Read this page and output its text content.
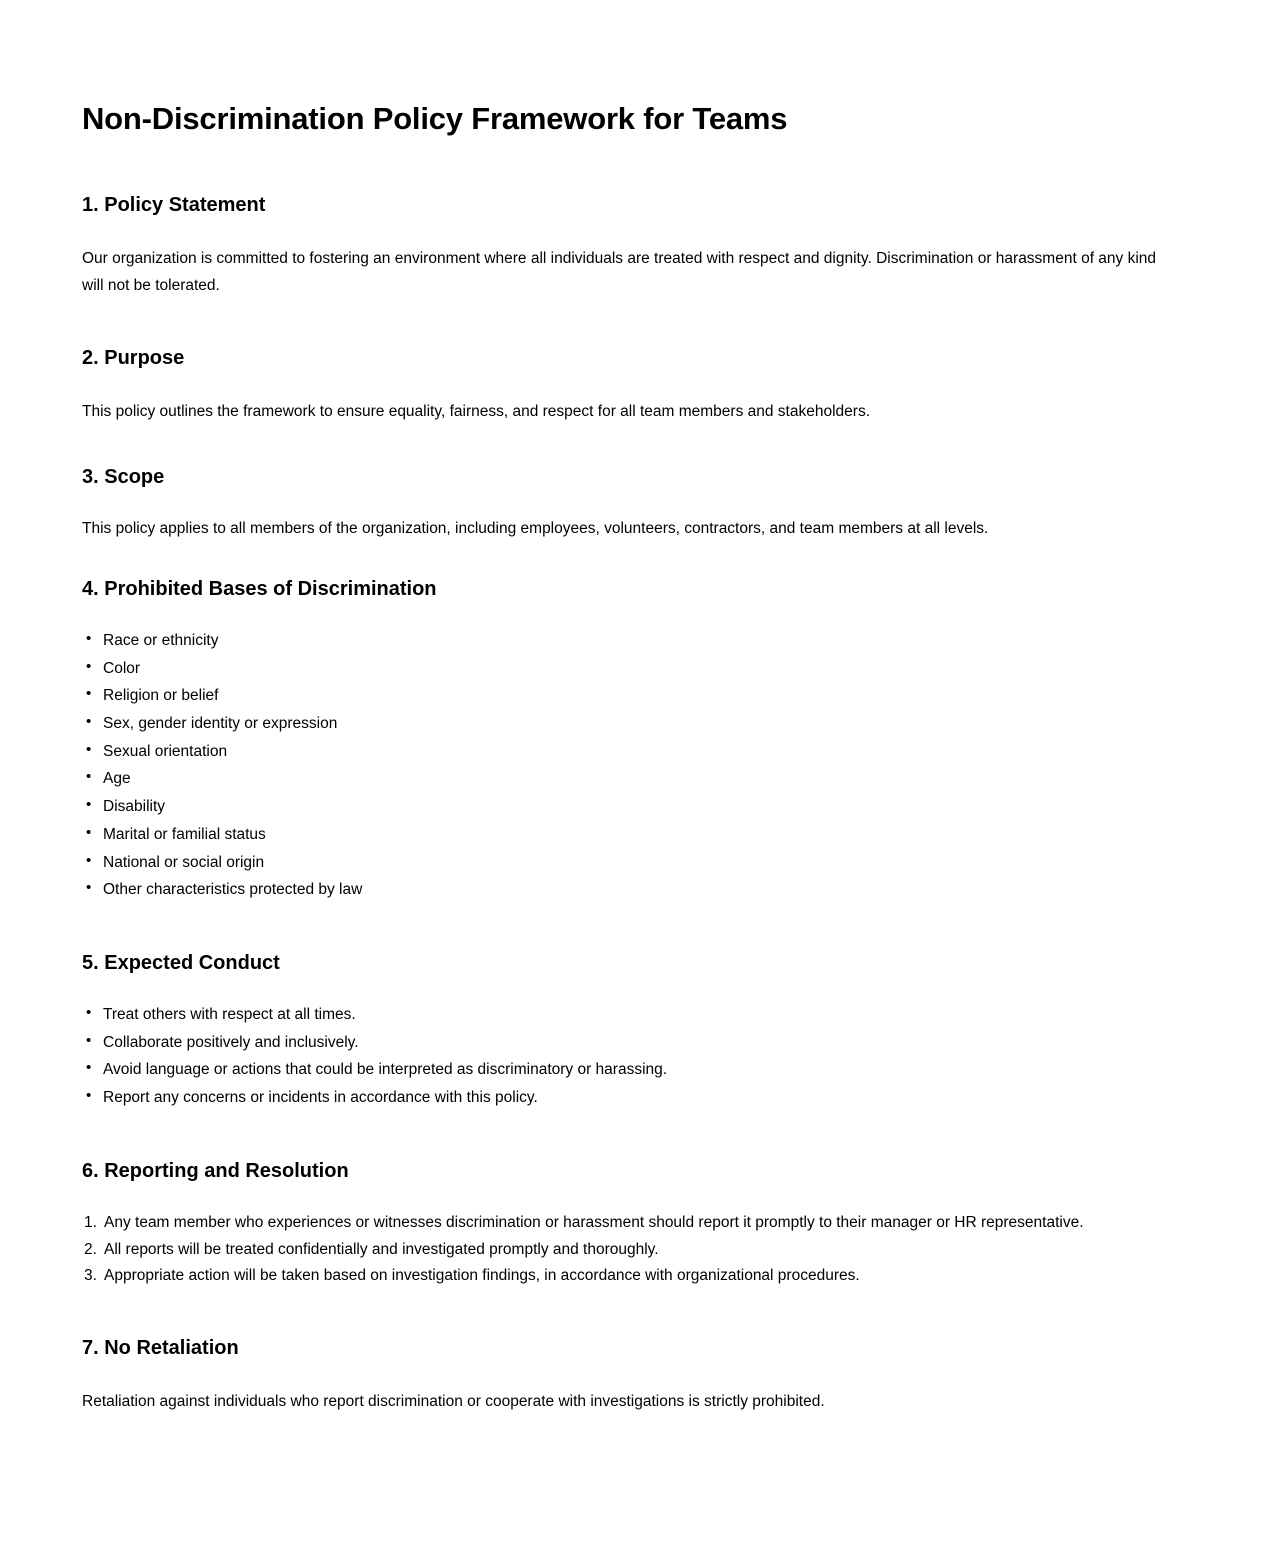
Non-Discrimination Policy Framework for Teams
1. Policy Statement

Our organization is committed to fostering an environment where all individuals are treated with respect and dignity. Discrimination or harassment of any kind will not be tolerated.

2. Purpose

This policy outlines the framework to ensure equality, fairness, and respect for all team members and stakeholders.

3. Scope

This policy applies to all members of the organization, including employees, volunteers, contractors, and team members at all levels.

4. Prohibited Bases of Discrimination
• Race or ethnicity
• Color
• Religion or belief
• Sex, gender identity or expression
• Sexual orientation
• Age
• Disability
• Marital or familial status
• National or social origin
• Other characteristics protected by law
5. Expected Conduct
• Treat others with respect at all times.
• Collaborate positively and inclusively.
• Avoid language or actions that could be interpreted as discriminatory or harassing.
• Report any concerns or incidents in accordance with this policy.
6. Reporting and Resolution
Any team member who experiences or witnesses discrimination or harassment should report it promptly to their manager or HR representative.
All reports will be treated confidentially and investigated promptly and thoroughly.
Appropriate action will be taken based on investigation findings, in accordance with organizational procedures.
7. No Retaliation

Retaliation against individuals who report discrimination or cooperate with investigations is strictly prohibited.
